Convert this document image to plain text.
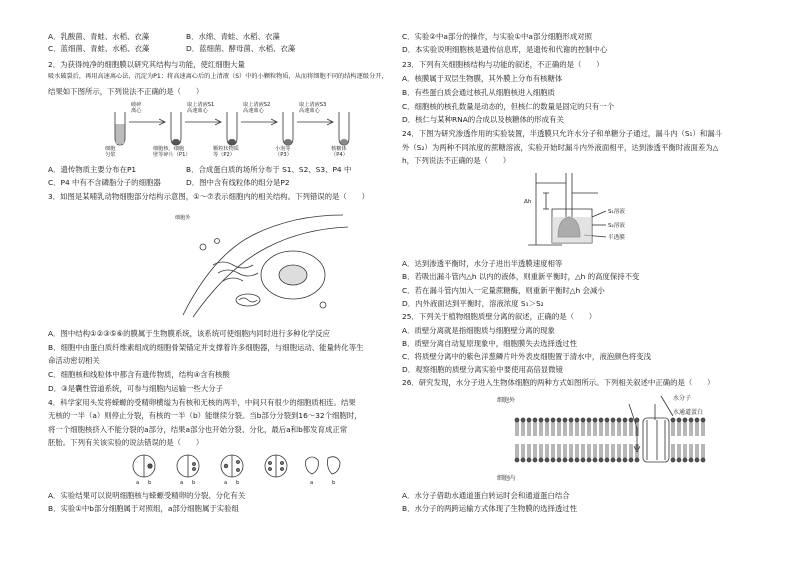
A．乳酸菌、青蛙、水稻、衣藻	B．水绵、青蛙、水稻、衣藻
C．蓝细菌、青蛙、水稻、衣藻	D．蓝细菌、酵母菌、水稻、衣藻
2．为获得纯净的细胞膜以研究其结构与功能，使红细胞大量
吸水破裂后，再用高速离心法，沉淀为P1；将高速离心后的上清液（S）中的小颗粒物质，从而将细胞不同的结构逐级分开，
结果如下图所示，下列说法不正确的是（　　）
破碎离心
取上清液S1 高速离心
取上清液S2 高速离心
取上清液S3 高速离心
细胞匀浆
细胞核、细胞壁等碎片（P1）
颗粒状物质等（P2）
小泡等（P3）
核糖体（P4）
A．遗传物质主要分布在P1	B．合成蛋白质的场所分布于 S1、S2、S3、P4 中
C．P4 中有不含磷脂分子的细胞器	D．图中含有线粒体的组分是P2
3．如图是某哺乳动物细胞部分结构示意图，①～⑦表示细胞内的相关结构。下列错误的是（　　）
细胞外
A．图中结构①②③⑤⑥的膜属于生物膜系统，该系统可使细胞内同时进行多种化学反应
B．细胞中由蛋白质纤维素组成的细胞骨架锚定并支撑着许多细胞器，与细胞运动、能量转化等生
命活动密切相关
C．细胞核和线粒体中都含有遗传物质，结构④含有核酸
D．③是囊性管道系统，可参与细胞内运输一些大分子
4．科学家用头发将蝾螈的受精卵横缢为有核和无核的两半，中间只有很少的细胞质相连。结果
无核的一半（a）则停止分裂，有核的一半（b）能继续分裂。当b部分分裂到16～32个细胞时，
将一个细胞核挤入不能分裂的a部分，结果a部分也开始分裂、分化，最后a和b都发育成正常
胚胎。下列有关该实验的说法错误的是（　　）
a b	a b	a b	a	b
A．实验结果可以说明细胞核与蝾螈受精卵的分裂、分化有关
B．实验①中b部分细胞属于对照组，a部分细胞属于实验组
C．实验②中a部分的操作，与实验①中a部分细胞形成对照
D．本实验说明细胞核是遗传信息库，是遗传和代谢的控制中心
23．下列有关细胞核结构与功能的叙述，不正确的是（　　）
A．核膜属于双层生物膜，其外膜上分布有核糖体
B．有些蛋白质会通过核孔从细胞核进入细胞质
C．细胞核的核孔数量是动态的，但核仁的数量是固定的只有一个
D．核仁与某种RNA的合成以及核糖体的形成有关
24．下图为研究渗透作用的实验装置，半透膜只允许水分子和单糖分子通过，漏斗内（S₁）和漏斗
外（S₂）为两种不同浓度的蔗糖溶液，实验开始时漏斗内外液面相平，达到渗透平衡时液面差为△
h，下列说法不正确的是（　　）
Δh
S₁溶液
S₂溶液
半透膜
A．达到渗透平衡时，水分子进出半透膜速度相等
B．若吸出漏斗管内△h 以内的液体，则重新平衡时，△h 的高度保持不变
C．若在漏斗管内加入一定量蔗糖酶，则重新平衡时△h 会减小
D．内外液面达到平衡时，溶液浓度 S₁＞S₂
25．下列关于植物细胞质壁分离的叙述，正确的是（　　）
A．质壁分离就是指细胞质与细胞壁分离的现象
B．质壁分离自动复原现象中，细胞膜失去选择透过性
C．将质壁分离中的紫色洋葱鳞片叶外表皮细胞置于清水中，液泡颜色将变浅
D．观察细胞的质壁分离实验中要使用高倍显微镜
26．研究发现，水分子进入生物体细胞的两种方式如图所示。下列相关叙述中正确的是（　　）
水分子
水通道蛋白
细胞外
细胞内
A．水分子借助水通道蛋白转运时会和通道蛋白结合
B．水分子的两跨运输方式体现了生物膜的选择透过性
